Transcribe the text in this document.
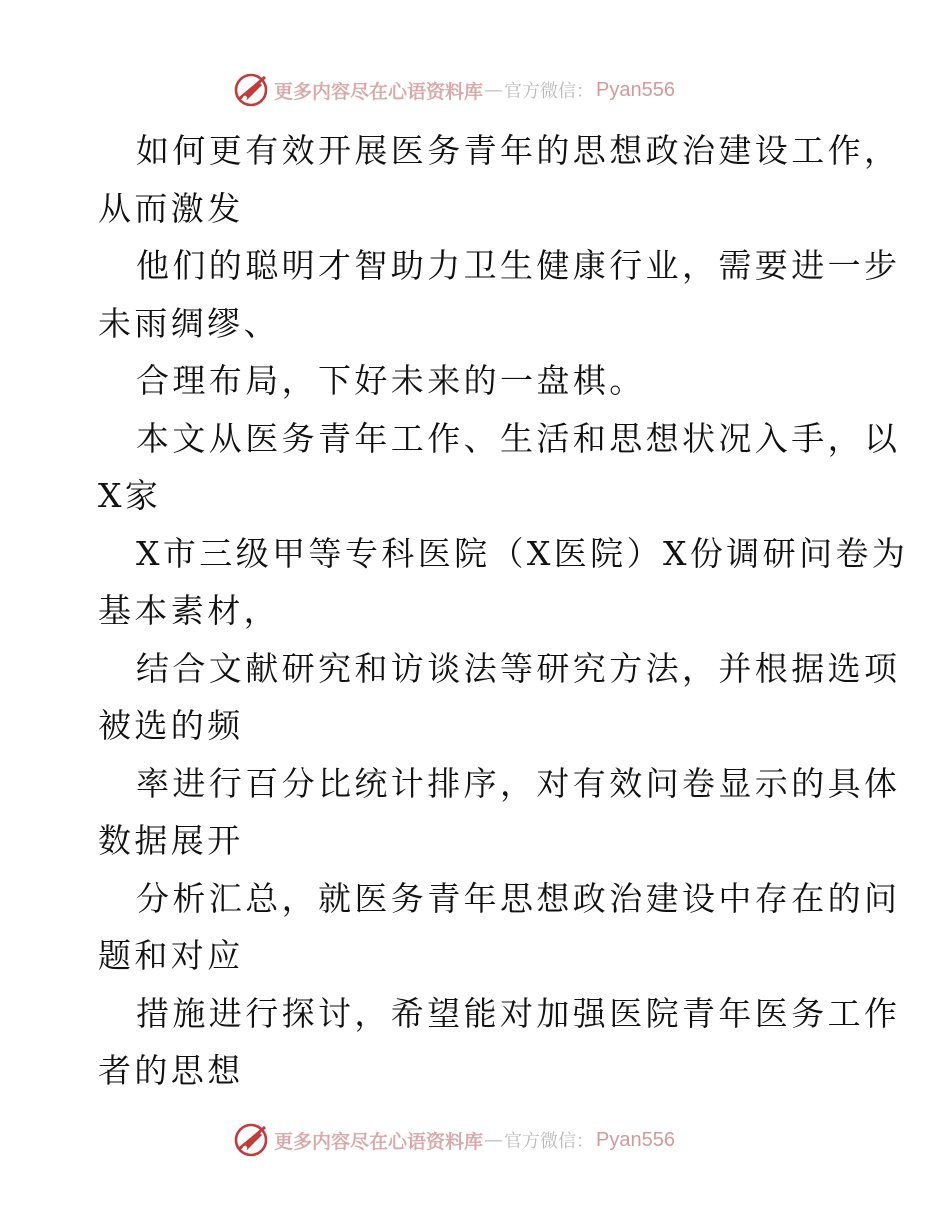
更多内容尽在心语资料库 — 官方微信： Pyan556
如何更有效开展医务青年的思想政治建设工作，
从而激发
他们的聪明才智助力卫生健康行业，需要进一步
未雨绸缪、
合理布局，下好未来的一盘棋。
本文从医务青年工作、生活和思想状况入手，以
X家
X市三级甲等专科医院（X医院）X份调研问卷为
基本素材，
结合文献研究和访谈法等研究方法，并根据选项
被选的频
率进行百分比统计排序，对有效问卷显示的具体
数据展开
分析汇总，就医务青年思想政治建设中存在的问
题和对应
措施进行探讨，希望能对加强医院青年医务工作
者的思想
更多内容尽在心语资料库 — 官方微信： Pyan556
